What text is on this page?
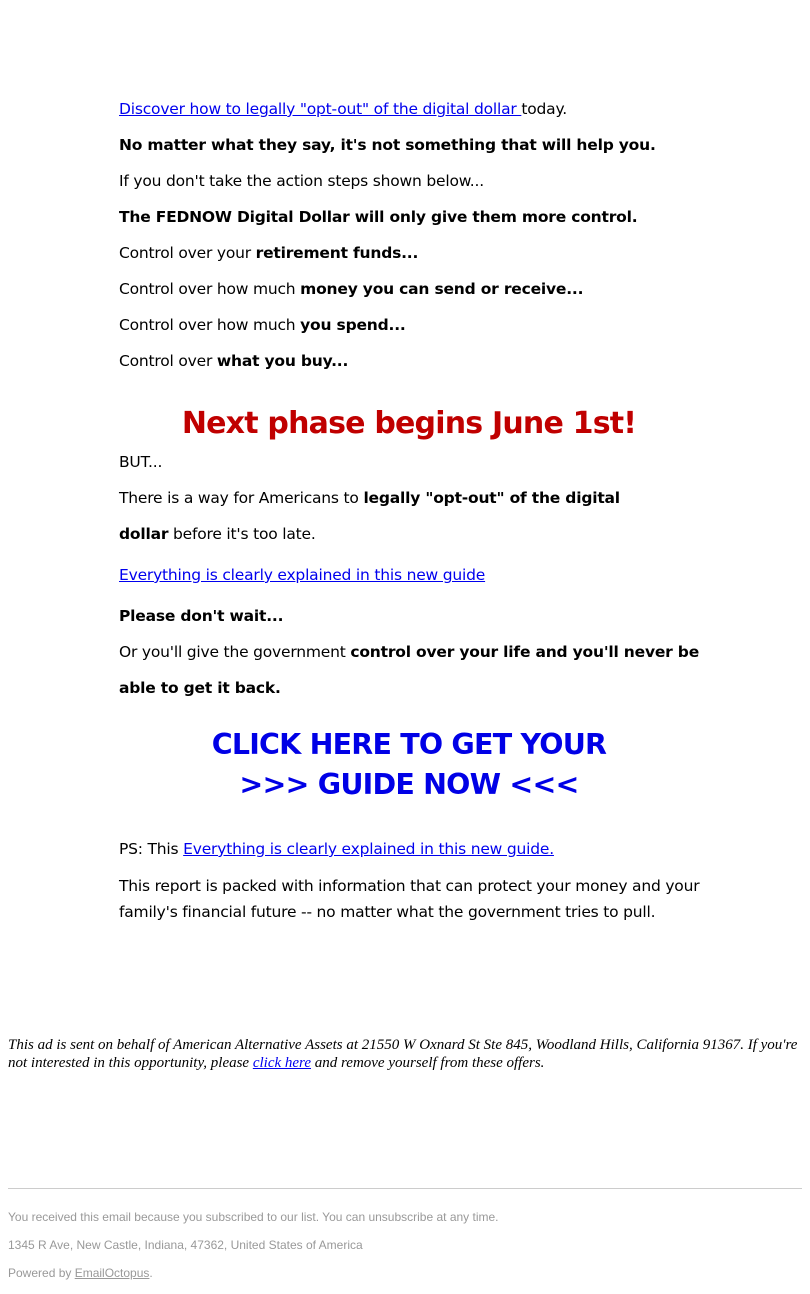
Discover how to legally "opt-out" of the digital dollar today.
No matter what they say, it's not something that will help you.
If you don't take the action steps shown below...
The FEDNOW Digital Dollar will only give them more control.
Control over your retirement funds...
Control over how much money you can send or receive...
Control over how much you spend...
Control over what you buy...
Next phase begins June 1st!
BUT...
There is a way for Americans to legally "opt-out" of the digital
dollar before it's too late.
Everything is clearly explained in this new guide
Please don't wait...
Or you'll give the government control over your life and you'll never be
able to get it back.
CLICK HERE TO GET YOUR
>>> GUIDE NOW <<<
PS: This Everything is clearly explained in this new guide.
This report is packed with information that can protect your money and your family's financial future -- no matter what the government tries to pull.
This ad is sent on behalf of American Alternative Assets at 21550 W Oxnard St Ste 845, Woodland Hills, California 91367. If you're not interested in this opportunity, please click here and remove yourself from these offers.
You received this email because you subscribed to our list. You can unsubscribe at any time.
1345 R Ave, New Castle, Indiana, 47362, United States of America
Powered by EmailOctopus.
